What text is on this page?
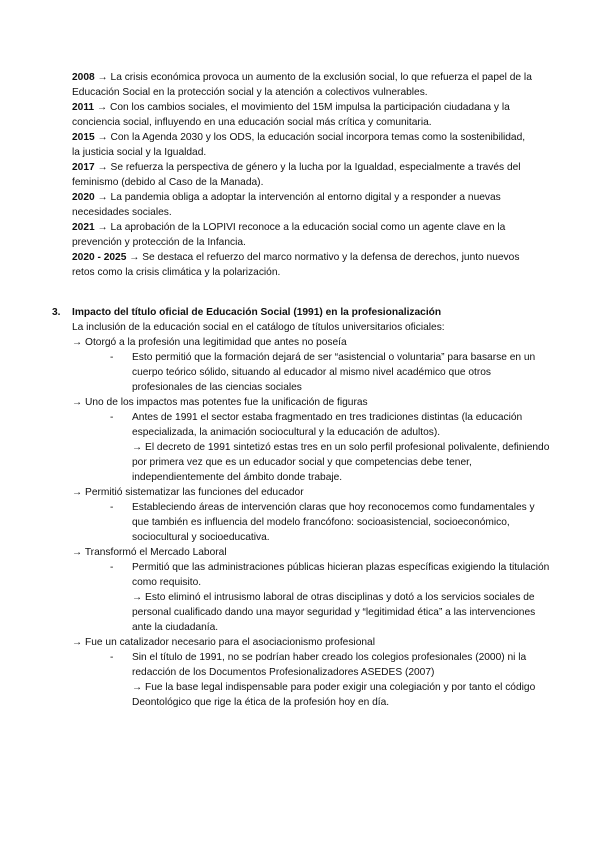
2008 → La crisis económica provoca un aumento de la exclusión social, lo que refuerza el papel de la Educación Social en la protección social y la atención a colectivos vulnerables.

2011 → Con los cambios sociales, el movimiento del 15M impulsa la participación ciudadana y la conciencia social, influyendo en una educación social más crítica y comunitaria.

2015 → Con la Agenda 2030 y los ODS, la educación social incorpora temas como la sostenibilidad, la justicia social y la Igualdad.

2017 → Se refuerza la perspectiva de género y la lucha por la Igualdad, especialmente a través del feminismo (debido al Caso de la Manada).

2020 → La pandemia obliga a adoptar la intervención al entorno digital y a responder a nuevas necesidades sociales.

2021 → La aprobación de la LOPIVI reconoce a la educación social como un agente clave en la prevención y protección de la Infancia.

2020 - 2025 → Se destaca el refuerzo del marco normativo y la defensa de derechos, junto nuevos retos como la crisis climática y la polarización.

3. Impacto del título oficial de Educación Social (1991) en la profesionalización
La inclusión de la educación social en el catálogo de títulos universitarios oficiales:
→ Otorgó a la profesión una legitimidad que antes no poseía
- Esto permitió que la formación dejará de ser “asistencial o voluntaria” para basarse en un cuerpo teórico sólido, situando al educador al mismo nivel académico que otros profesionales de las ciencias sociales

→ Uno de los impactos mas potentes fue la unificación de figuras
- Antes de 1991 el sector estaba fragmentado en tres tradiciones distintas (la educación especializada, la animación sociocultural y la educación de adultos).

→ El decreto de 1991 sintetizó estas tres en un solo perfil profesional polivalente, definiendo por primera vez que es un educador social y que competencias debe tener, independientemente del ámbito donde trabaje.

→ Permitió sistematizar las funciones del educador
- Estableciendo áreas de intervención claras que hoy reconocemos como fundamentales y que también es influencia del modelo francófono: socioasistencial, socioeconómico, sociocultural y socioeducativa.

→ Transformó el Mercado Laboral
- Permitió que las administraciones públicas hicieran plazas específicas exigiendo la titulación como requisito.

→ Esto eliminó el intrusismo laboral de otras disciplinas y dotó a los servicios sociales de personal cualificado dando una mayor seguridad y “legitimidad ética” a las intervenciones ante la ciudadanía.

→ Fue un catalizador necesario para el asociacionismo profesional
- Sin el título de 1991, no se podrían haber creado los colegios profesionales (2000) ni la redacción de los Documentos Profesionalizadores ASEDES (2007)

→ Fue la base legal indispensable para poder exigir una colegiación y por tanto el código Deontológico que rige la ética de la profesión hoy en día.
